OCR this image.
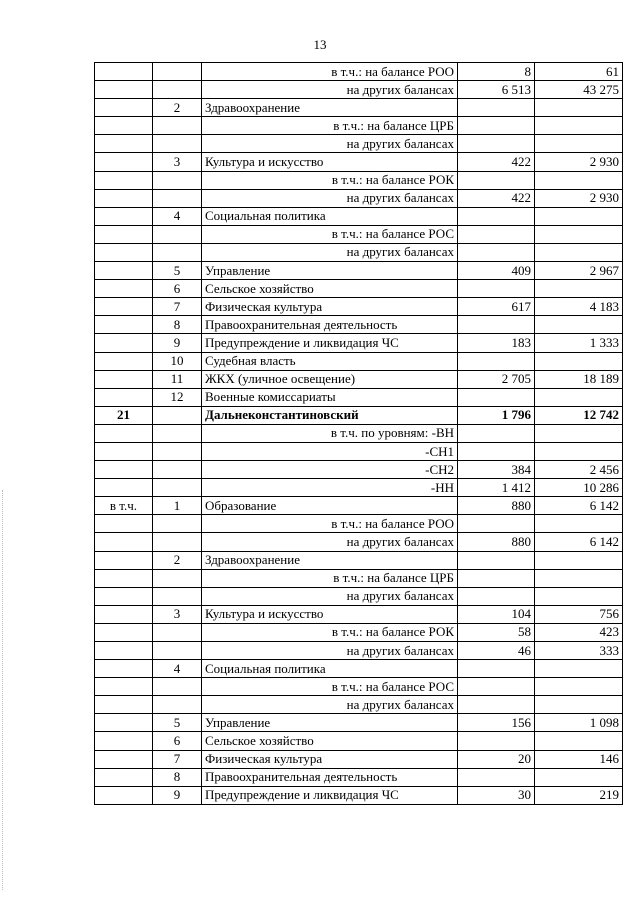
13
		в т.ч.: на балансе РОО	8	61
		на других балансах	6 513	43 275
	2	Здравоохранение		
		в т.ч.: на балансе ЦРБ		
		на других балансах		
	3	Культура и искусство	422	2 930
		в т.ч.: на балансе РОК		
		на других балансах	422	2 930
	4	Социальная политика		
		в т.ч.: на балансе РОС		
		на других балансах		
	5	Управление	409	2 967
	6	Сельское хозяйство		
	7	Физическая культура	617	4 183
	8	Правоохранительная деятельность		
	9	Предупреждение и ликвидация ЧС	183	1 333
	10	Судебная власть		
	11	ЖКХ (уличное освещение)	2 705	18 189
	12	Военные комиссариаты		
21		Дальнеконстантиновский	1 796	12 742
		в т.ч. по уровням: -ВН		
		-СН1		
		-СН2	384	2 456
		-НН	1 412	10 286
в т.ч.	1	Образование	880	6 142
		в т.ч.: на балансе РОО		
		на других балансах	880	6 142
	2	Здравоохранение		
		в т.ч.: на балансе ЦРБ		
		на других балансах		
	3	Культура и искусство	104	756
		в т.ч.: на балансе РОК	58	423
		на других балансах	46	333
	4	Социальная политика		
		в т.ч.: на балансе РОС		
		на других балансах		
	5	Управление	156	1 098
	6	Сельское хозяйство		
	7	Физическая культура	20	146
	8	Правоохранительная деятельность		
	9	Предупреждение и ликвидация ЧС	30	219
